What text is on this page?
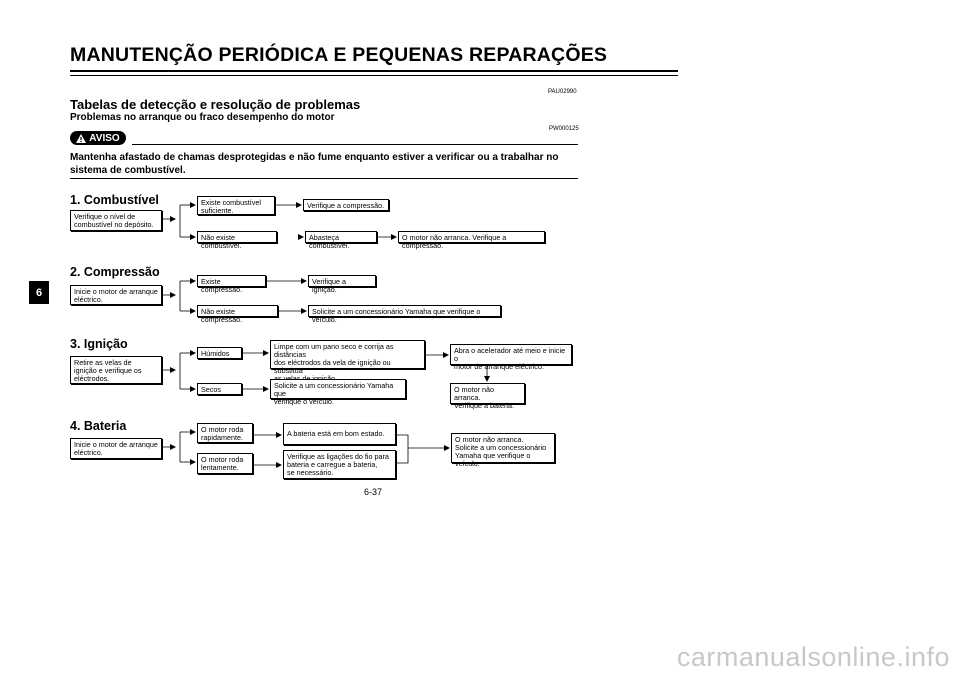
MANUTENÇÃO PERIÓDICA E PEQUENAS REPARAÇÕES
6
PAU02990
Tabelas de detecção e resolução de problemas
Problemas no arranque ou fraco desempenho do motor
PW000125
AVISO
Mantenha afastado de chamas desprotegidas e não fume enquanto estiver a verificar ou a trabalhar no sistema de combustível.
1. Combustível
Verifique o nível de
combustível no depósito.
Existe combustível
suficiente.
Verifique a compressão.
Não existe combustível.
Abasteça combustível.
O motor não arranca. Verifique a compressão.
2. Compressão
Inicie o motor de arranque
eléctrico.
Existe compressão.
Verifique a ignição.
Não existe compressão.
Solicite a um concessionário Yamaha que verifique o veículo.
3. Ignição
Retire as velas de
ignição e verifique os
eléctrodos.
Húmidos
Limpe com um pano seco e corrija as distâncias
dos eléctrodos da vela de ignição ou substitua

Abra o acelerador até meio e inicie o
motor de arranque eléctrico.
O motor não arranca.
Verifique a bateria.
Secos	Solicite a um concessionário Yamaha que
verifique o veículo.
4. Bateria
Inicie o motor de arranque
eléctrico.
O motor roda
rapidamente.	A bateria está em bom estado.
O motor roda
lentamente.
Verifique as ligações do fio para
bateria e carregue a bateria,
se necessário.
O motor não arranca.
Solicite a um concessionário
Yamaha que verifique o veículo.
6-37
carmanualsonline.info
